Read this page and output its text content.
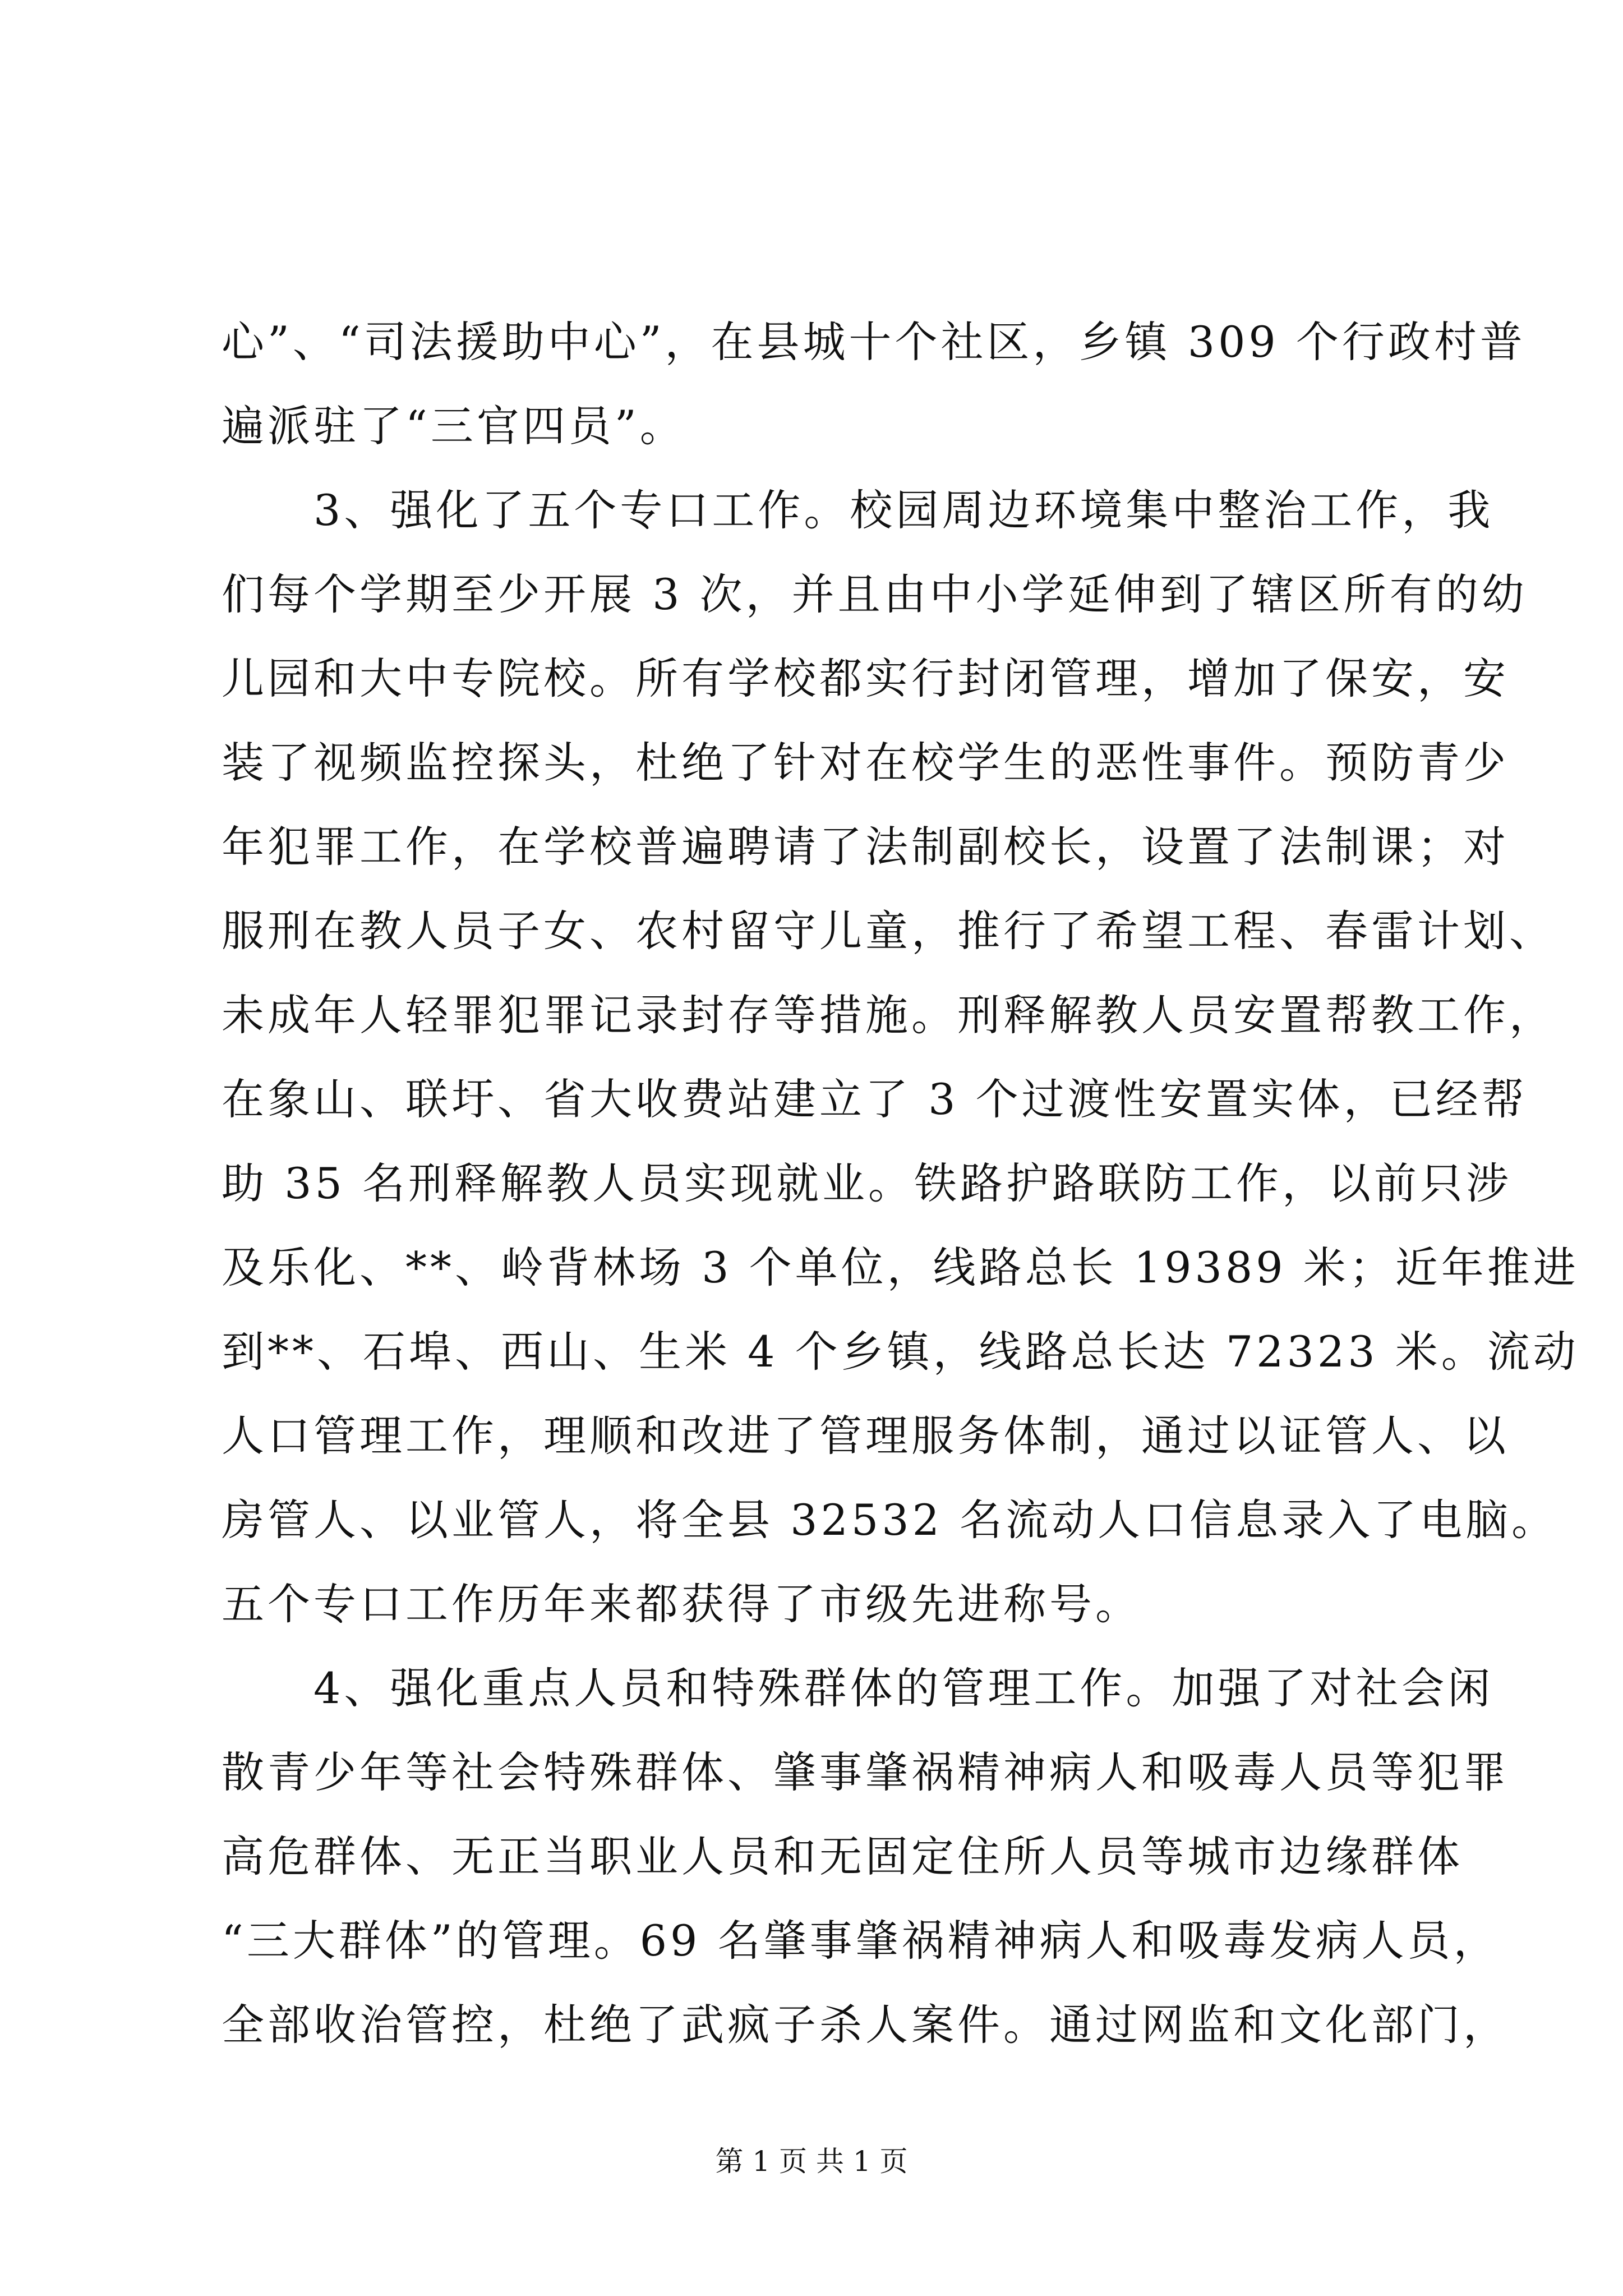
心”、“司法援助中心”，在县城十个社区，乡镇 309 个行政村普
遍派驻了“三官四员”。
　　3、强化了五个专口工作。校园周边环境集中整治工作，我
们每个学期至少开展 3 次，并且由中小学延伸到了辖区所有的幼
儿园和大中专院校。所有学校都实行封闭管理，增加了保安，安
装了视频监控探头，杜绝了针对在校学生的恶性事件。预防青少
年犯罪工作，在学校普遍聘请了法制副校长，设置了法制课；对
服刑在教人员子女、农村留守儿童，推行了希望工程、春雷计划、
未成年人轻罪犯罪记录封存等措施。刑释解教人员安置帮教工作，
在象山、联圩、省大收费站建立了 3 个过渡性安置实体，已经帮
助 35 名刑释解教人员实现就业。铁路护路联防工作，以前只涉
及乐化、**、岭背林场 3 个单位，线路总长 19389 米；近年推进
到**、石埠、西山、生米 4 个乡镇，线路总长达 72323 米。流动
人口管理工作，理顺和改进了管理服务体制，通过以证管人、以
房管人、以业管人，将全县 32532 名流动人口信息录入了电脑。
五个专口工作历年来都获得了市级先进称号。
　　4、强化重点人员和特殊群体的管理工作。加强了对社会闲
散青少年等社会特殊群体、肇事肇祸精神病人和吸毒人员等犯罪
高危群体、无正当职业人员和无固定住所人员等城市边缘群体
“三大群体”的管理。69 名肇事肇祸精神病人和吸毒发病人员，
全部收治管控，杜绝了武疯子杀人案件。通过网监和文化部门，
第 1 页 共 1 页
